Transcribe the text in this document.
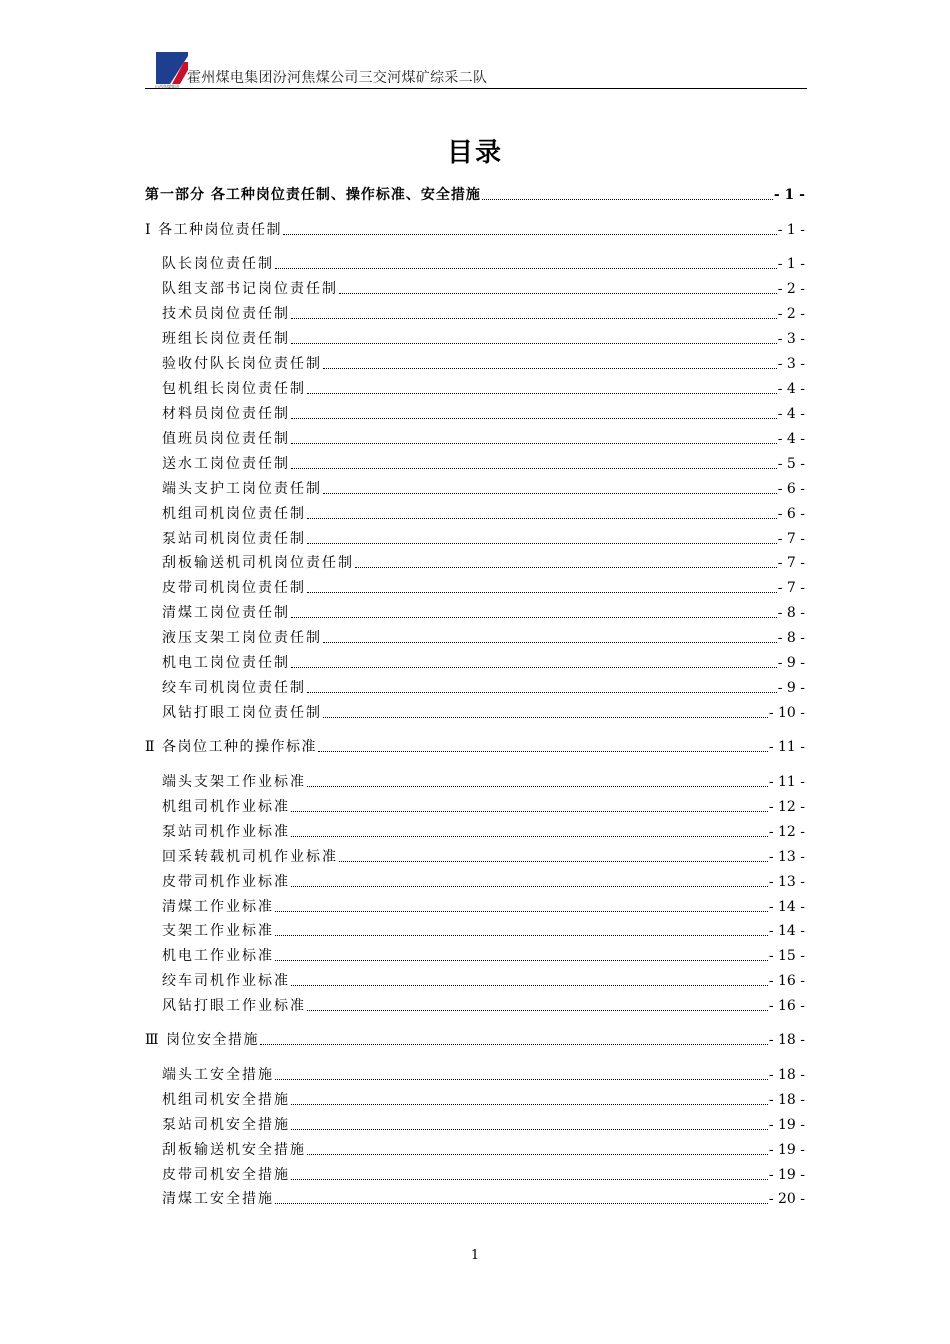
山西焦煤集团
霍州煤电集团汾河焦煤公司三交河煤矿综采二队
目录
第一部分 各工种岗位责任制、操作标准、安全措施	- 1 -
Ⅰ 各工种岗位责任制	- 1 -
队长岗位责任制	- 1 -
队组支部书记岗位责任制	- 2 -
技术员岗位责任制	- 2 -
班组长岗位责任制	- 3 -
验收付队长岗位责任制	- 3 -
包机组长岗位责任制	- 4 -
材料员岗位责任制	- 4 -
值班员岗位责任制	- 4 -
送水工岗位责任制	- 5 -
端头支护工岗位责任制	- 6 -
机组司机岗位责任制	- 6 -
泵站司机岗位责任制	- 7 -
刮板输送机司机岗位责任制	- 7 -
皮带司机岗位责任制	- 7 -
清煤工岗位责任制	- 8 -
液压支架工岗位责任制	- 8 -
机电工岗位责任制	- 9 -
绞车司机岗位责任制	- 9 -
风钻打眼工岗位责任制	- 10 -
Ⅱ 各岗位工种的操作标准	- 11 -
端头支架工作业标准	- 11 -
机组司机作业标准	- 12 -
泵站司机作业标准	- 12 -
回采转载机司机作业标准	- 13 -
皮带司机作业标准	- 13 -
清煤工作业标准	- 14 -
支架工作业标准	- 14 -
机电工作业标准	- 15 -
绞车司机作业标准	- 16 -
风钻打眼工作业标准	- 16 -
Ⅲ 岗位安全措施	- 18 -
端头工安全措施	- 18 -
机组司机安全措施	- 18 -
泵站司机安全措施	- 19 -
刮板输送机安全措施	- 19 -
皮带司机安全措施	- 19 -
清煤工安全措施	- 20 -
1
